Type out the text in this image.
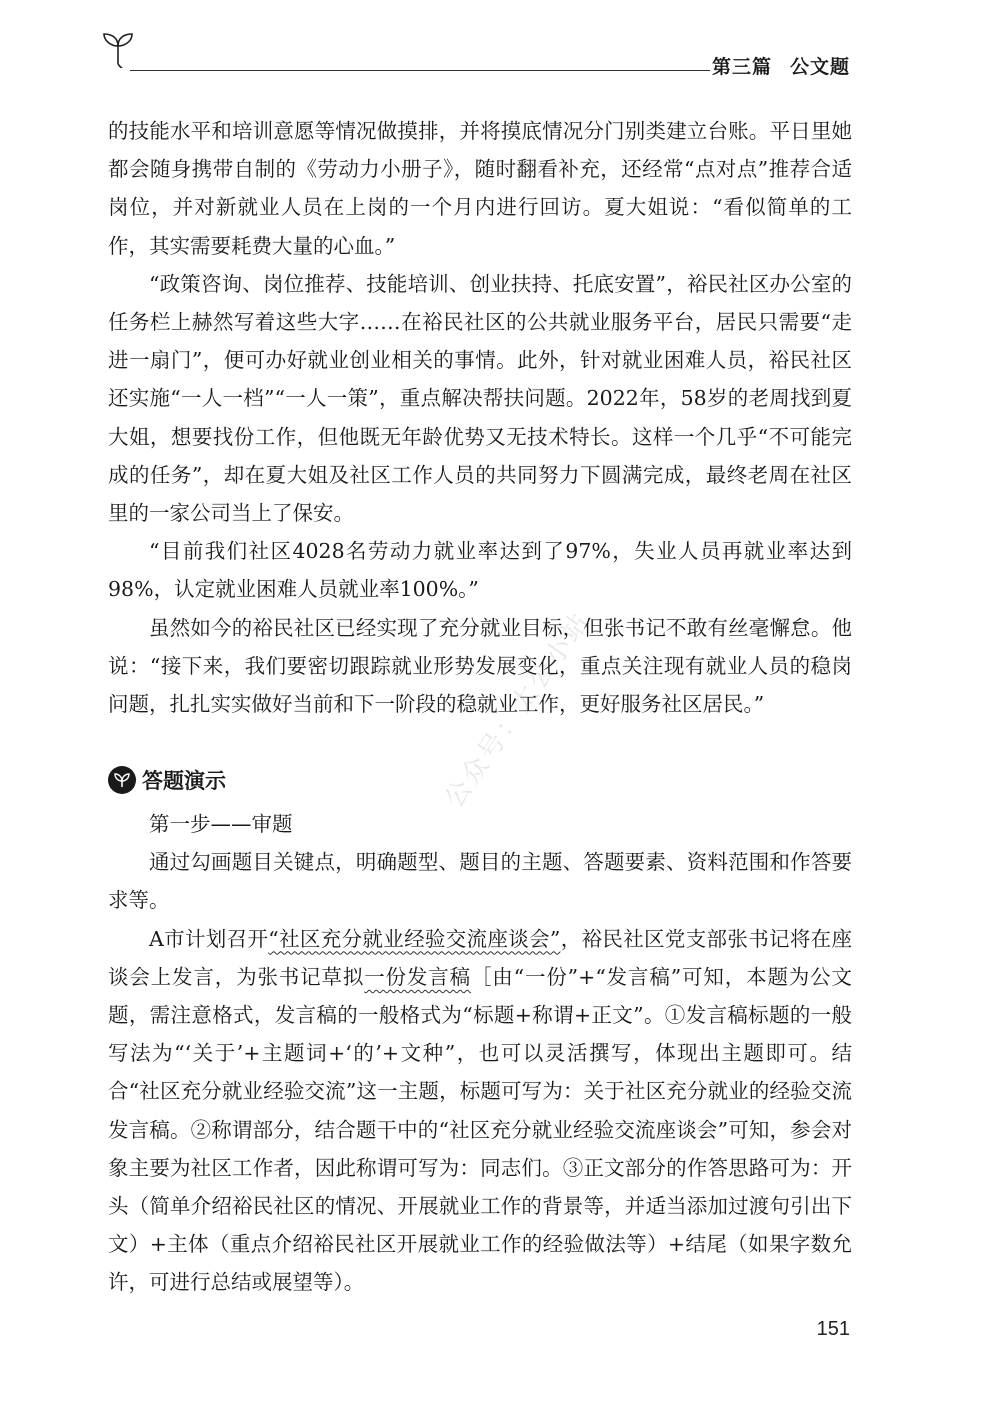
第三篇 公文题
公众号：太公小站

的技能水平和培训意愿等情况做摸排，并将摸底情况分门别类建立台账。平日里她都会随身携带自制的《劳动力小册子》，随时翻看补充，还经常“点对点”推荐合适岗位，并对新就业人员在上岗的一个月内进行回访。夏大姐说：“看似简单的工作，其实需要耗费大量的心血。”

“政策咨询、岗位推荐、技能培训、创业扶持、托底安置”，裕民社区办公室的任务栏上赫然写着这些大字……在裕民社区的公共就业服务平台，居民只需要“走进一扇门”，便可办好就业创业相关的事情。此外，针对就业困难人员，裕民社区还实施“一人一档”“一人一策”，重点解决帮扶问题。2022年，58岁的老周找到夏大姐，想要找份工作，但他既无年龄优势又无技术特长。这样一个几乎“不可能完成的任务”，却在夏大姐及社区工作人员的共同努力下圆满完成，最终老周在社区里的一家公司当上了保安。

“目前我们社区4028名劳动力就业率达到了97%，失业人员再就业率达到98%，认定就业困难人员就业率100%。”

虽然如今的裕民社区已经实现了充分就业目标，但张书记不敢有丝毫懈怠。他说：“接下来，我们要密切跟踪就业形势发展变化，重点关注现有就业人员的稳岗问题，扎扎实实做好当前和下一阶段的稳就业工作，更好服务社区居民。”

答题演示

第一步——审题

通过勾画题目关键点，明确题型、题目的主题、答题要素、资料范围和作答要求等。

A市计划召开“社区充分就业经验交流座谈会”，裕民社区党支部张书记将在座谈会上发言，为张书记草拟一份发言稿［由“一份”+“发言稿”可知，本题为公文题，需注意格式，发言稿的一般格式为“标题+称谓+正文”。①发言稿标题的一般写法为“‘关于’+主题词+‘的’+文种”，也可以灵活撰写，体现出主题即可。结合“社区充分就业经验交流”这一主题，标题可写为：关于社区充分就业的经验交流发言稿。②称谓部分，结合题干中的“社区充分就业经验交流座谈会”可知，参会对象主要为社区工作者，因此称谓可写为：同志们。③正文部分的作答思路可为：开头（简单介绍裕民社区的情况、开展就业工作的背景等，并适当添加过渡句引出下文）+主体（重点介绍裕民社区开展就业工作的经验做法等）+结尾（如果字数允许，可进行总结或展望等）。

151
